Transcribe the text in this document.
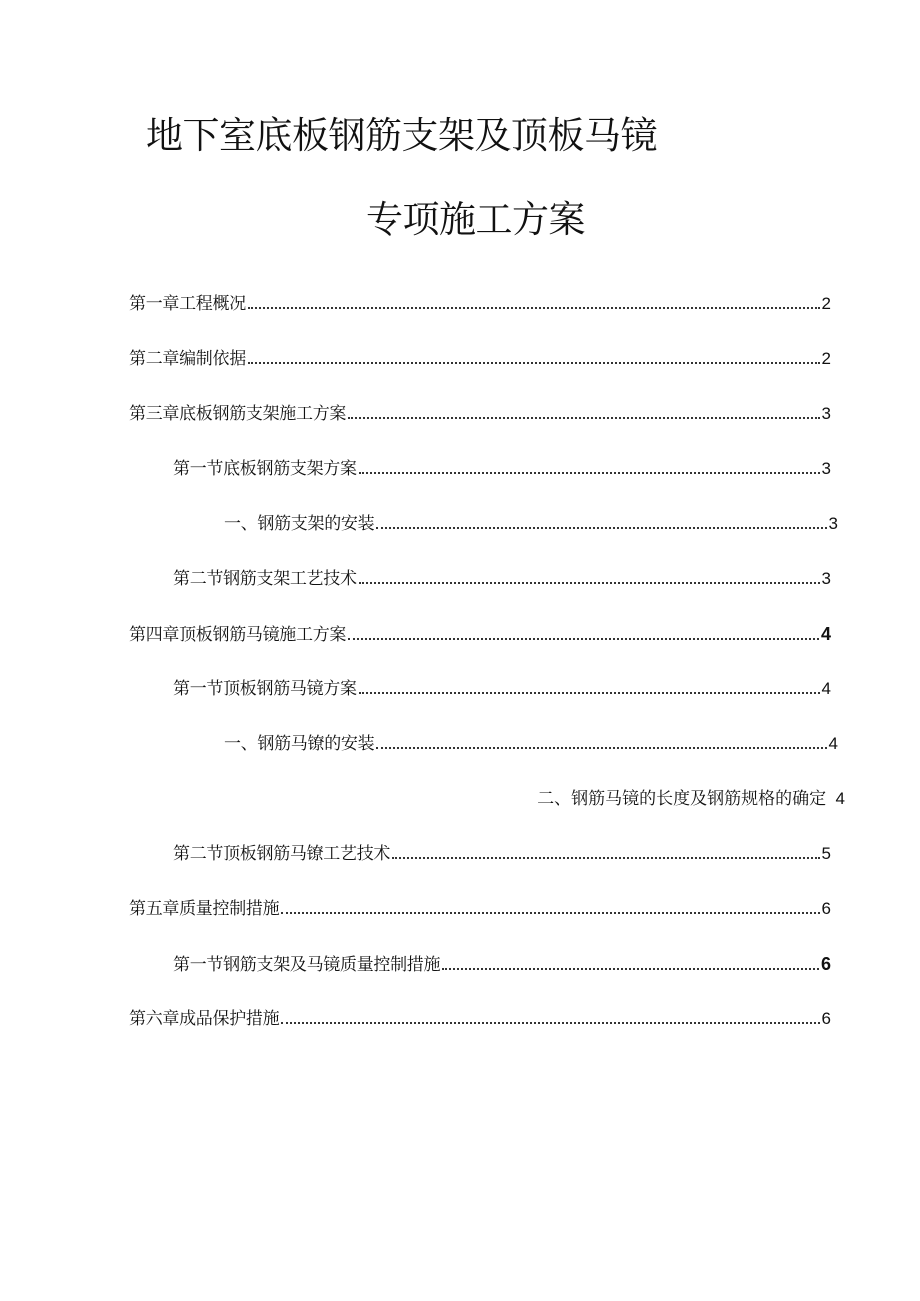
地下室底板钢筋支架及顶板马镜
专项施工方案
第一章工程概况	2
第二章编制依据	2
第三章底板钢筋支架施工方案	3
第一节底板钢筋支架方案	3
一、钢筋支架的安装	3
第二节钢筋支架工艺技术	3
第四章顶板钢筋马镜施工方案	4
第一节顶板钢筋马镜方案	4
一、钢筋马镣的安装	4
二、钢筋马镜的长度及钢筋规格的确定 4
第二节顶板钢筋马镣工艺技术	5
第五章质量控制措施	6
第一节钢筋支架及马镜质量控制措施	6
第六章成品保护措施	6
